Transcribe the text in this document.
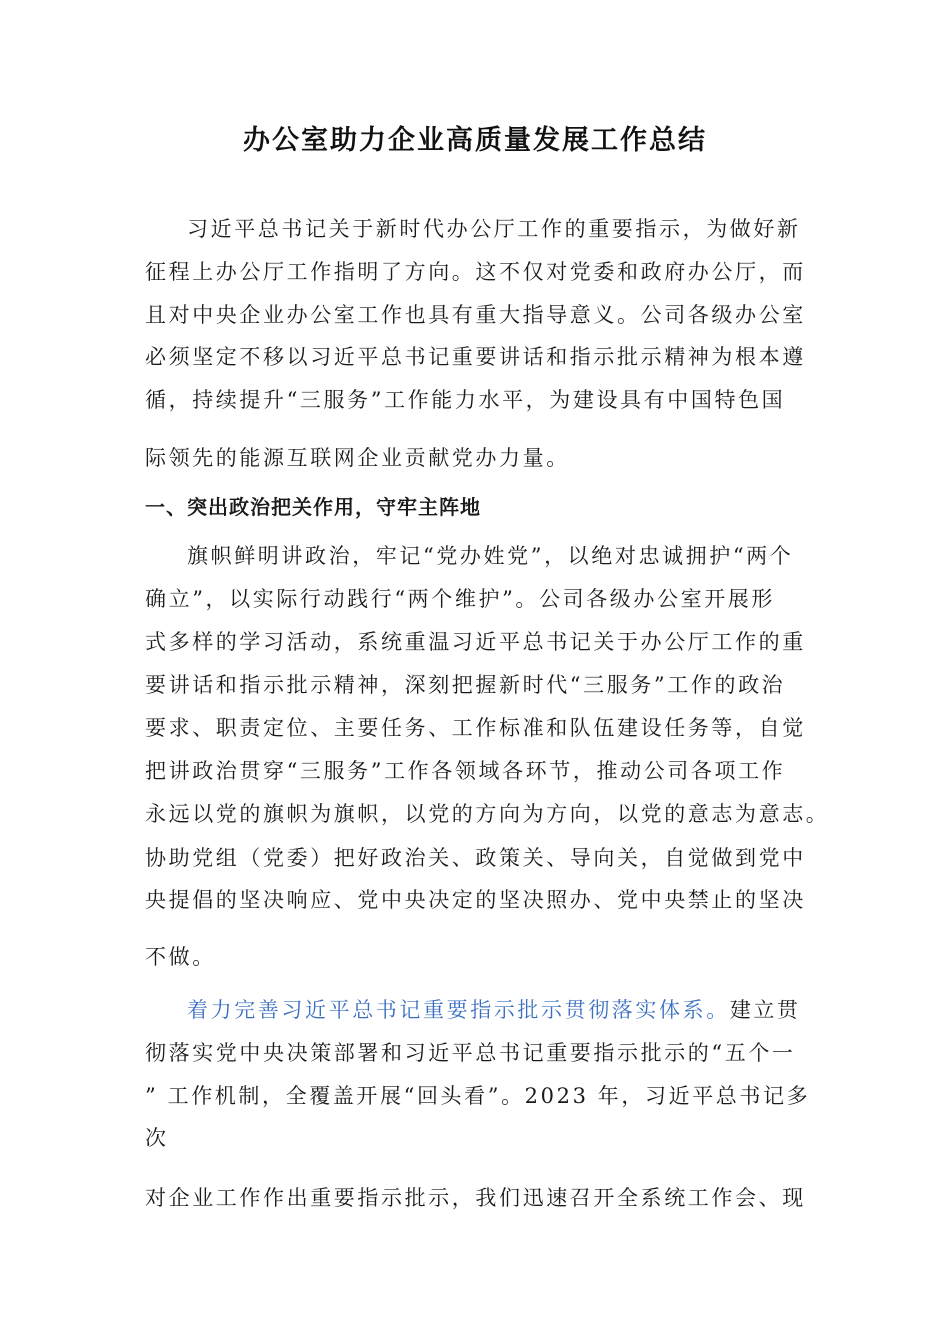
办公室助力企业高质量发展工作总结
习近平总书记关于新时代办公厅工作的重要指示，为做好新
征程上办公厅工作指明了方向。这不仅对党委和政府办公厅，而
且对中央企业办公室工作也具有重大指导意义。公司各级办公室
必须坚定不移以习近平总书记重要讲话和指示批示精神为根本遵
循，持续提升“三服务”工作能力水平，为建设具有中国特色国
际领先的能源互联网企业贡献党办力量。
一、突出政治把关作用，守牢主阵地
旗帜鲜明讲政治，牢记“党办姓党”，以绝对忠诚拥护“两个
确立”，以实际行动践行“两个维护”。公司各级办公室开展形
式多样的学习活动，系统重温习近平总书记关于办公厅工作的重
要讲话和指示批示精神，深刻把握新时代“三服务”工作的政治
要求、职责定位、主要任务、工作标准和队伍建设任务等，自觉
把讲政治贯穿“三服务”工作各领域各环节，推动公司各项工作
永远以党的旗帜为旗帜，以党的方向为方向，以党的意志为意志。
协助党组（党委）把好政治关、政策关、导向关，自觉做到党中
央提倡的坚决响应、党中央决定的坚决照办、党中央禁止的坚决
不做。
着力完善习近平总书记重要指示批示贯彻落实体系。建立贯
彻落实党中央决策部署和习近平总书记重要指示批示的“五个一
” 工作机制，全覆盖开展“回头看”。2023 年，习近平总书记多
次
对企业工作作出重要指示批示，我们迅速召开全系统工作会、现
